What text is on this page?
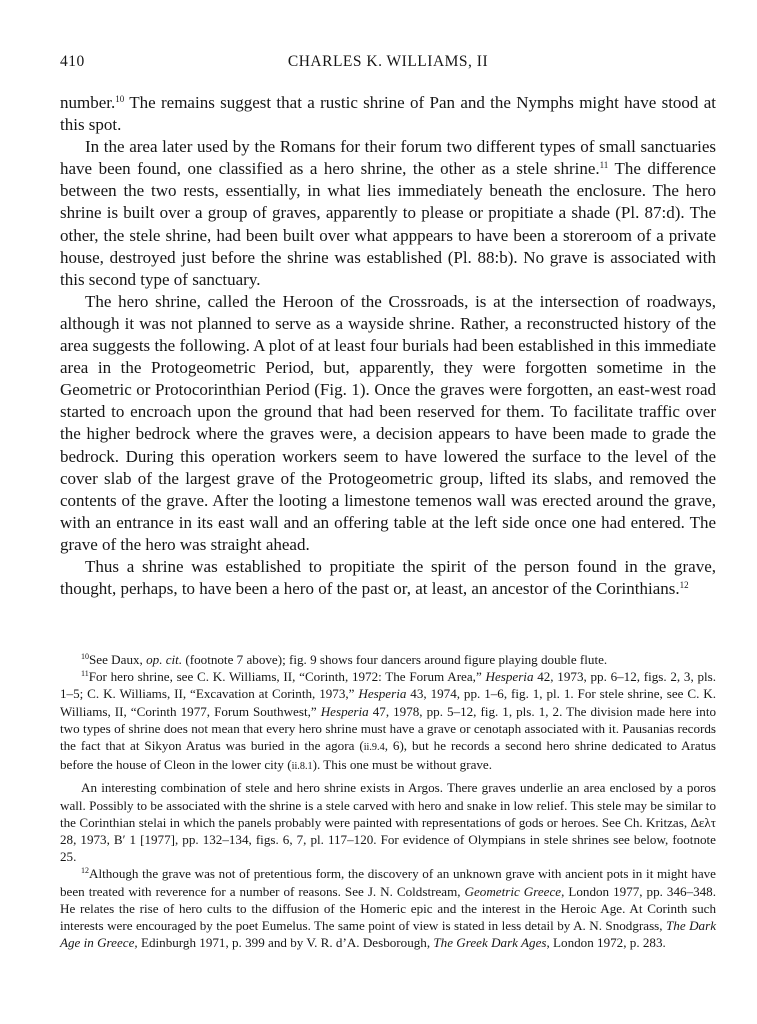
410	CHARLES K. WILLIAMS, II

number.$^{10}$ The remains suggest that a rustic shrine of Pan and the Nymphs might have stood at this spot.

In the area later used by the Romans for their forum two different types of small sanctuaries have been found, one classified as a hero shrine, the other as a stele shrine.$^{11}$ The difference between the two rests, essentially, in what lies immediately beneath the enclosure. The hero shrine is built over a group of graves, apparently to please or propitiate a shade (Pl. 87:d). The other, the stele shrine, had been built over what apppears to have been a storeroom of a private house, destroyed just before the shrine was established (Pl. 88:b). No grave is associated with this second type of sanctuary.

The hero shrine, called the Heroon of the Crossroads, is at the intersection of roadways, although it was not planned to serve as a wayside shrine. Rather, a reconstructed history of the area suggests the following. A plot of at least four burials had been established in this immediate area in the Protogeometric Period, but, apparently, they were forgotten sometime in the Geometric or Protocorinthian Period (Fig. 1). Once the graves were forgotten, an east-west road started to encroach upon the ground that had been reserved for them. To facilitate traffic over the higher bedrock where the graves were, a decision appears to have been made to grade the bedrock. During this operation workers seem to have lowered the surface to the level of the cover slab of the largest grave of the Protogeometric group, lifted its slabs, and removed the contents of the grave. After the looting a limestone temenos wall was erected around the grave, with an entrance in its east wall and an offering table at the left side once one had entered. The grave of the hero was straight ahead.

Thus a shrine was established to propitiate the spirit of the person found in the grave, thought, perhaps, to have been a hero of the past or, at least, an ancestor of the Corinthians.$^{12}$

$^{10}$See Daux, op. cit. (footnote 7 above); fig. 9 shows four dancers around figure playing double flute.

$^{11}$For hero shrine, see C. K. Williams, II, “Corinth, 1972: The Forum Area,” Hesperia 42, 1973, pp. 6–12, figs. 2, 3, pls. 1–5; C. K. Williams, II, “Excavation at Corinth, 1973,” Hesperia 43, 1974, pp. 1–6, fig. 1, pl. 1. For stele shrine, see C. K. Williams, II, “Corinth 1977, Forum Southwest,” Hesperia 47, 1978, pp. 5–12, fig. 1, pls. 1, 2. The division made here into two types of shrine does not mean that every hero shrine must have a grave or cenotaph associated with it. Pausanias records the fact that at Sikyon Aratus was buried in the agora (ii.9.4, 6), but he records a second hero shrine dedicated to Aratus before the house of Cleon in the lower city (ii.8.1). This one must be without grave.

An interesting combination of stele and hero shrine exists in Argos. There graves underlie an area enclosed by a poros wall. Possibly to be associated with the shrine is a stele carved with hero and snake in low relief. This stele may be similar to the Corinthian stelai in which the panels probably were painted with representations of gods or heroes. See Ch. Kritzas, Δελτ 28, 1973, Β′ 1 [1977], pp. 132–134, figs. 6, 7, pl. 117–120. For evidence of Olympians in stele shrines see below, footnote 25.

$^{12}$Although the grave was not of pretentious form, the discovery of an unknown grave with ancient pots in it might have been treated with reverence for a number of reasons. See J. N. Coldstream, Geometric Greece, London 1977, pp. 346–348. He relates the rise of hero cults to the diffusion of the Homeric epic and the interest in the Heroic Age. At Corinth such interests were encouraged by the poet Eumelus. The same point of view is stated in less detail by A. N. Snodgrass, The Dark Age in Greece, Edinburgh 1971, p. 399 and by V. R. d’A. Desborough, The Greek Dark Ages, London 1972, p. 283.
